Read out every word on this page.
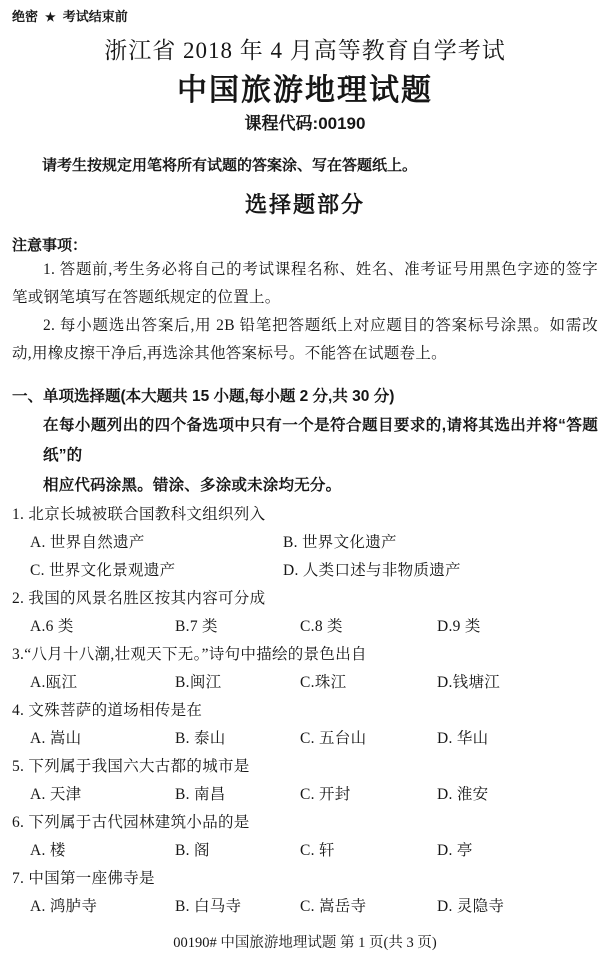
绝密 ★ 考试结束前
浙江省 2018 年 4 月高等教育自学考试
中国旅游地理试题
课程代码:00190

请考生按规定用笔将所有试题的答案涂、写在答题纸上。

选择题部分
注意事项：

1. 答题前,考生务必将自己的考试课程名称、姓名、准考证号用黑色字迹的签字笔或钢笔填写在答题纸规定的位置上。

2. 每小题选出答案后,用 2B 铅笔把答题纸上对应题目的答案标号涂黑。如需改动,用橡皮擦干净后,再选涂其他答案标号。不能答在试题卷上。

一、单项选择题(本大题共 15 小题,每小题 2 分,共 30 分)
在每小题列出的四个备选项中只有一个是符合题目要求的,请将其选出并将“答题纸”的
相应代码涂黑。错涂、多涂或未涂均无分。
1. 北京长城被联合国教科文组织列入
A. 世界自然遗产	B. 世界文化遗产
C. 世界文化景观遗产	D. 人类口述与非物质遗产
2. 我国的风景名胜区按其内容可分成
A.6 类	B.7 类	C.8 类	D.9 类
3.“八月十八潮,壮观天下无。”诗句中描绘的景色出自
A.瓯江	B.闽江	C.珠江	D.钱塘江
4. 文殊菩萨的道场相传是在
A. 嵩山	B. 泰山	C. 五台山	D. 华山
5. 下列属于我国六大古都的城市是
A. 天津	B. 南昌	C. 开封	D. 淮安
6. 下列属于古代园林建筑小品的是
A. 楼	B. 阁	C. 轩	D. 亭
7. 中国第一座佛寺是
A. 鸿胪寺	B. 白马寺	C. 嵩岳寺	D. 灵隐寺
00190# 中国旅游地理试题 第 1 页(共 3 页)
